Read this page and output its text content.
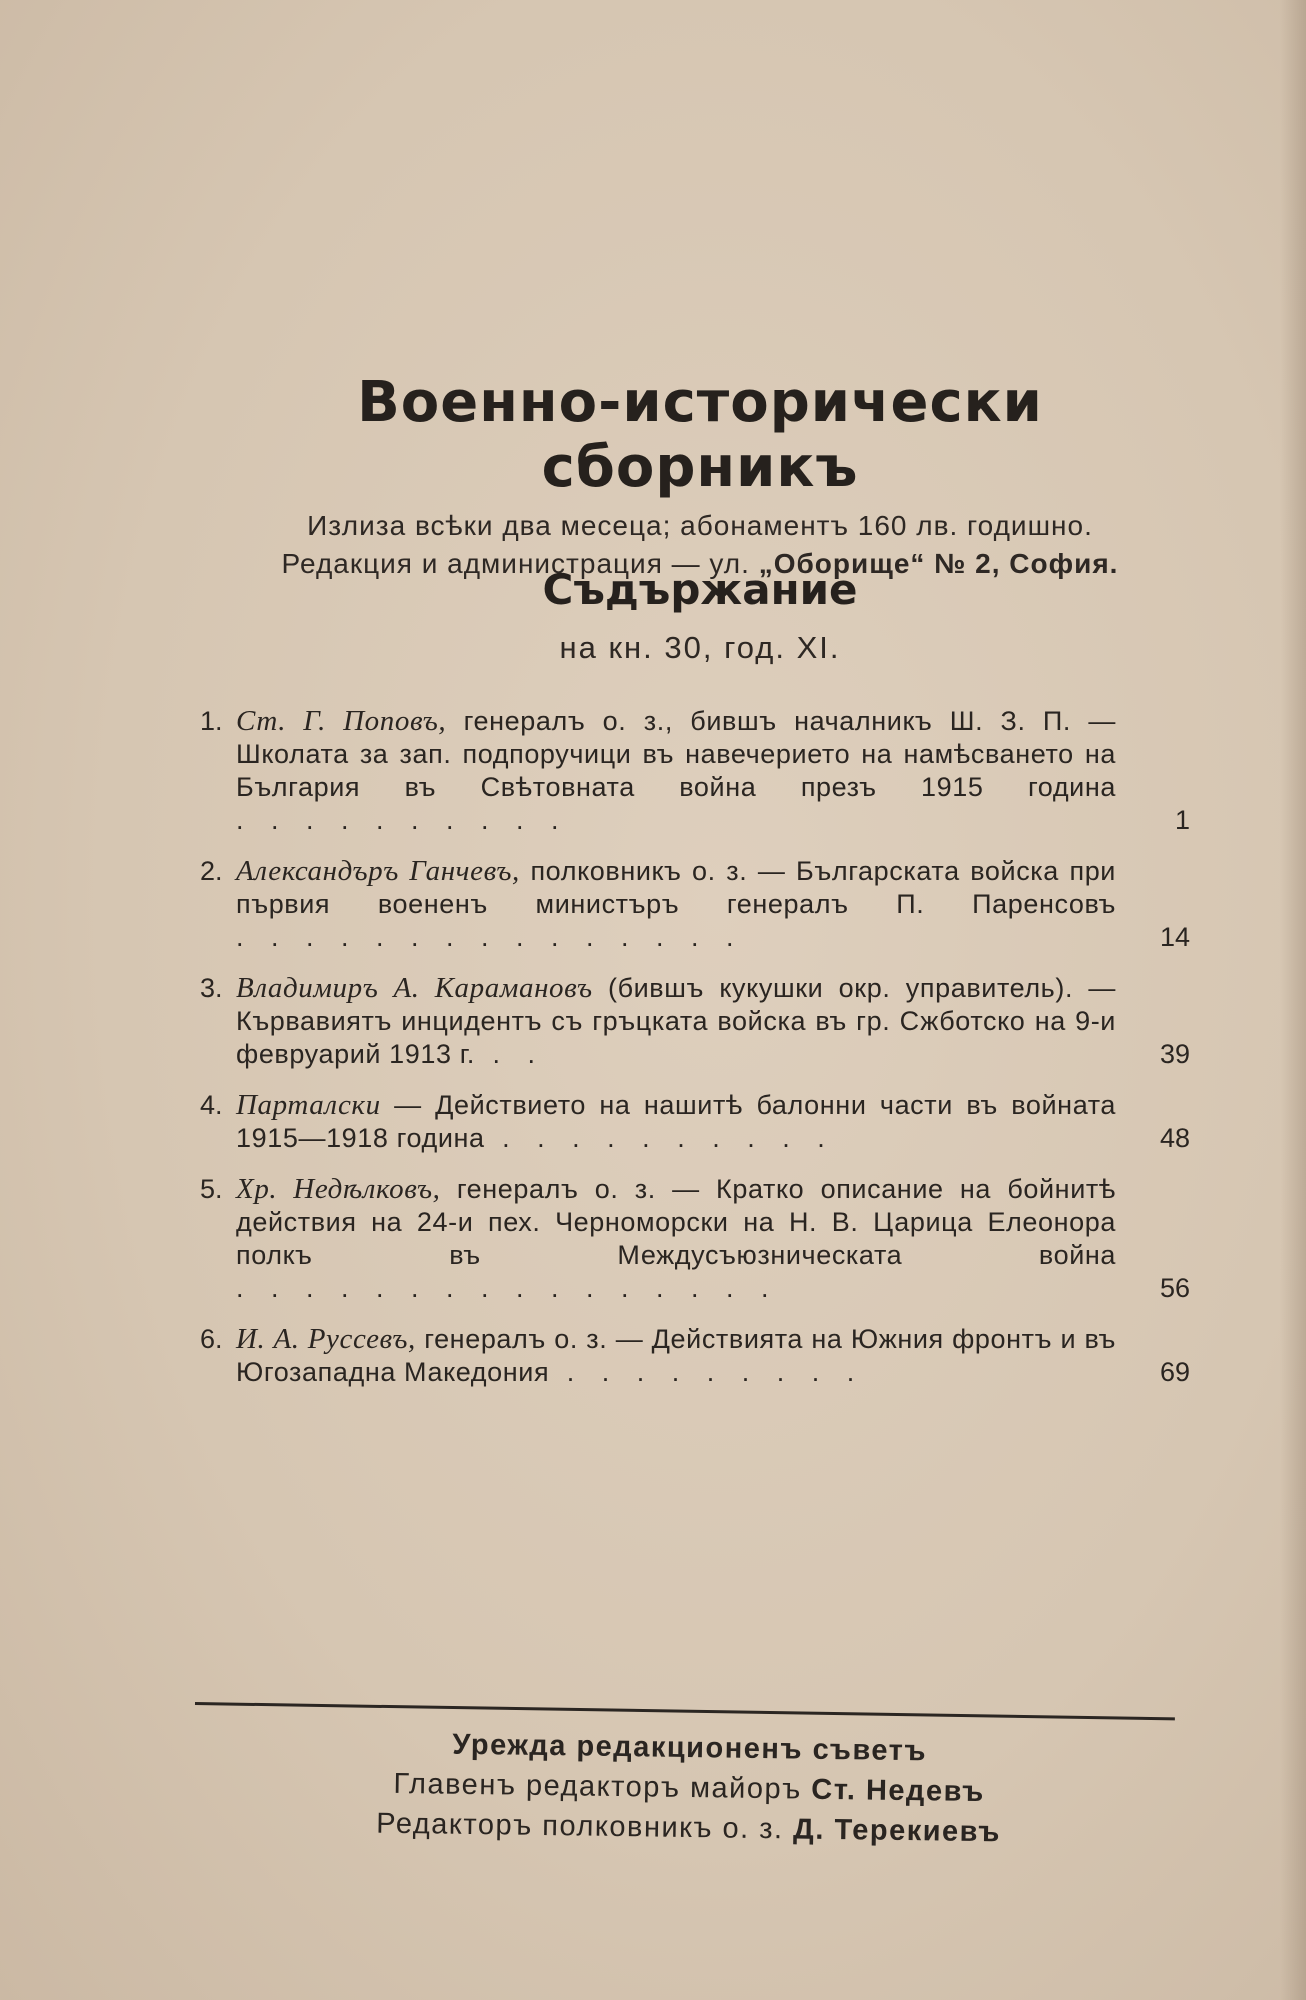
Военно-исторически сборникъ

Излиза всѣки два месеца; абонаментъ 160 лв. годишно.

Редакция и администрация — ул. „Оборище“ № 2, София.

Съдържание

на кн. 30, год. XI.

1. Ст. Г. Поповъ, генералъ о. з., бившъ началникъ Ш. З. П. — Школата за зап. подпоручици въ навечерието на намѣсването на България въ Свѣтовната война презъ 1915 година . . . . . . . . . .	1
2. Александъръ Ганчевъ, полковникъ о. з. — Българската войска при първия воененъ министъръ генералъ П. Паренсовъ . . . . . . . . . . . . . . .	14
3. Владимиръ А. Карамановъ (бившъ кукушки окр. управитель). — Кървавиятъ инцидентъ съ гръцката войска въ гр. Сжботско на 9-и февруарий 1913 г. . .	39
4. Парталски — Действието на нашитѣ балонни части въ войната 1915—1918 година . . . . . . . . . .	48
5. Хр. Недѣлковъ, генералъ о. з. — Кратко описание на бойнитѣ действия на 24-и пех. Черноморски на Н. В. Царица Елеонора полкъ въ Междусъюзническата война . . . . . . . . . . . . . . . .	56
6. И. А. Руссевъ, генералъ о. з. — Действията на Южния фронтъ и въ Югозападна Македония . . . . . . . . .	69

Урежда редакционенъ съветъ

Главенъ редакторъ майоръ Ст. Недевъ

Редакторъ полковникъ о. з. Д. Терекиевъ
